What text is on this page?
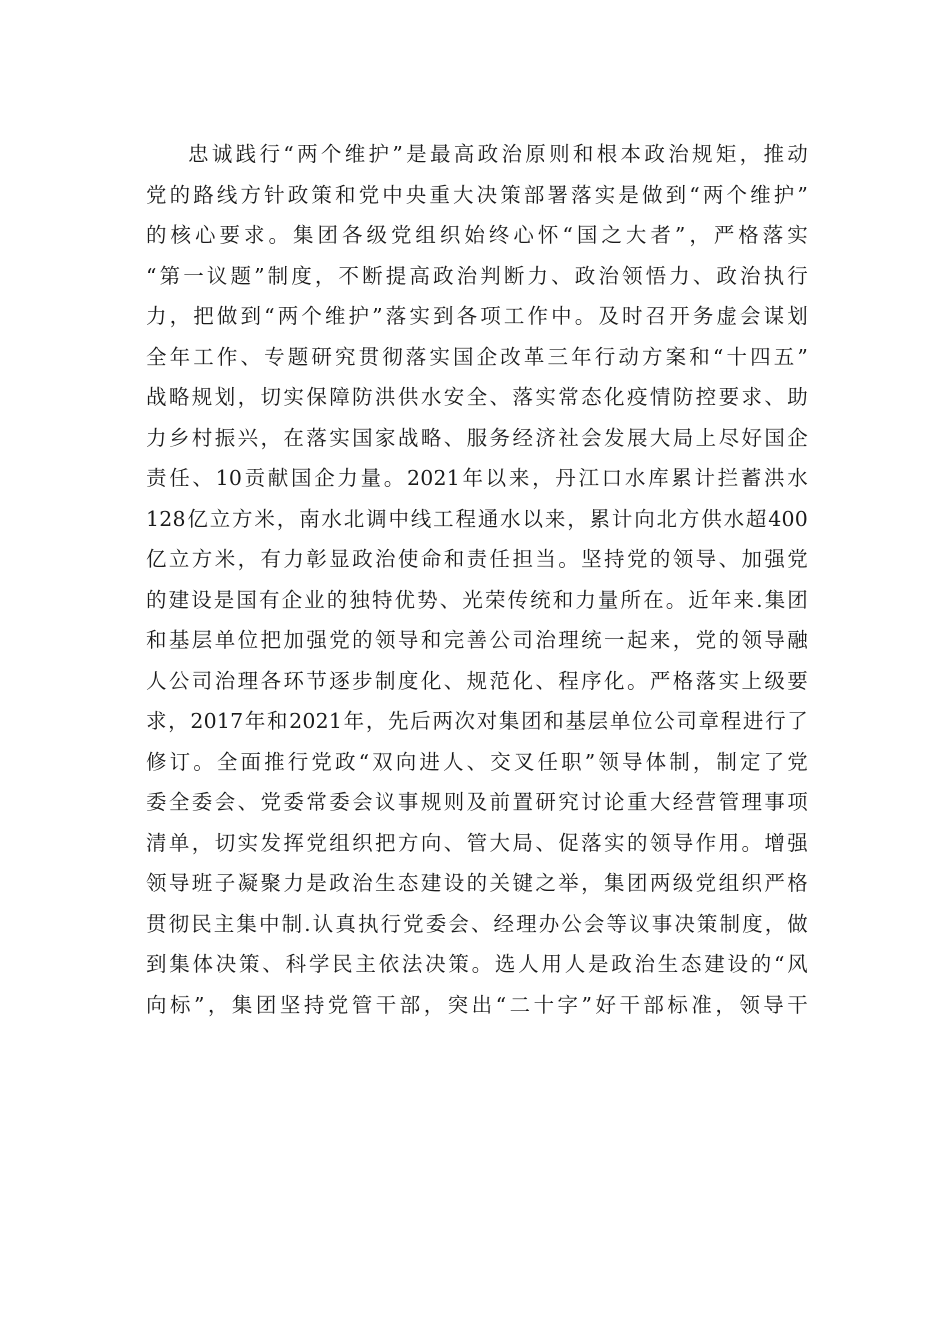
忠诚践行“两个维护”是最高政治原则和根本政治规矩，推动
党的路线方针政策和党中央重大决策部署落实是做到“两个维护”
的核心要求。集团各级党组织始终心怀“国之大者”，严格落实
“第一议题”制度，不断提高政治判断力、政治领悟力、政治执行
力，把做到“两个维护”落实到各项工作中。及时召开务虚会谋划
全年工作、专题研究贯彻落实国企改革三年行动方案和“十四五”
战略规划，切实保障防洪供水安全、落实常态化疫情防控要求、助
力乡村振兴，在落实国家战略、服务经济社会发展大局上尽好国企
责任、10贡献国企力量。2021年以来，丹江口水库累计拦蓄洪水
128亿立方米，南水北调中线工程通水以来，累计向北方供水超400
亿立方米，有力彰显政治使命和责任担当。坚持党的领导、加强党
的建设是国有企业的独特优势、光荣传统和力量所在。近年来.集团
和基层单位把加强党的领导和完善公司治理统一起来，党的领导融
人公司治理各环节逐步制度化、规范化、程序化。严格落实上级要
求，2017年和2021年，先后两次对集团和基层单位公司章程进行了
修订。全面推行党政“双向进人、交叉任职”领导体制，制定了党
委全委会、党委常委会议事规则及前置研究讨论重大经营管理事项
清单，切实发挥党组织把方向、管大局、促落实的领导作用。增强
领导班子凝聚力是政治生态建设的关键之举，集团两级党组织严格
贯彻民主集中制.认真执行党委会、经理办公会等议事决策制度，做
到集体决策、科学民主依法决策。选人用人是政治生态建设的“风
向标”，集团坚持党管干部，突出“二十字”好干部标准，领导干
